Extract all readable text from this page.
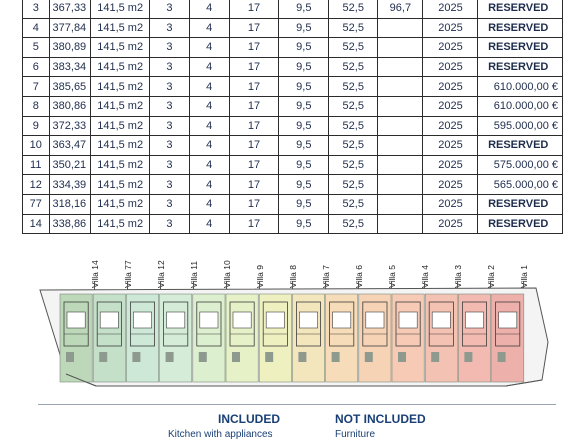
3	367,33	141,5 m2	3	4	17	9,5	52,5	96,7	2025	RESERVED
4	377,84	141,5 m2	3	4	17	9,5	52,5		2025	RESERVED
5	380,89	141,5 m2	3	4	17	9,5	52,5		2025	RESERVED
6	383,34	141,5 m2	3	4	17	9,5	52,5		2025	RESERVED
7	385,65	141,5 m2	3	4	17	9,5	52,5		2025	610.000,00 €
8	380,86	141,5 m2	3	4	17	9,5	52,5		2025	610.000,00 €
9	372,33	141,5 m2	3	4	17	9,5	52,5		2025	595.000,00 €
10	363,47	141,5 m2	3	4	17	9,5	52,5		2025	RESERVED
11	350,21	141,5 m2	3	4	17	9,5	52,5		2025	575.000,00 €
12	334,39	141,5 m2	3	4	17	9,5	52,5		2025	565.000,00 €
77	318,16	141,5 m2	3	4	17	9,5	52,5		2025	RESERVED
14	338,86	141,5 m2	3	4	17	9,5	52,5		2025	RESERVED
Villa 14	Villa 77	Villa 12	Villa 11	Villa 10	Villa 9	Villa 8	Villa 7	Villa 6	Villa 5	Villa 4	Villa 3	Villa 2	Villa 1
INCLUDED
Kitchen with appliances
NOT INCLUDED
Furniture
